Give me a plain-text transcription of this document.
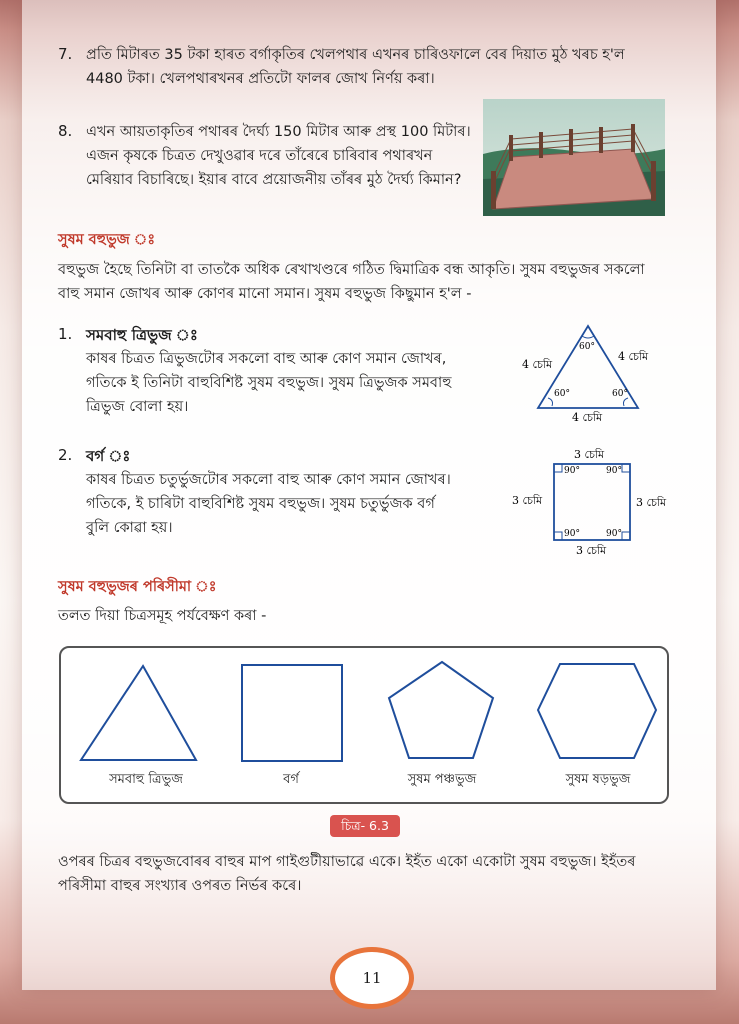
7. প্ৰতি মিটাৰত 35 টকা হাৰত বৰ্গাকৃতিৰ খেলপথাৰ এখনৰ চাৰিওফালে বেৰ দিয়াত মুঠ খৰচ হ'ল
4480 টকা। খেলপথাৰখনৰ প্ৰতিটো ফালৰ জোখ নিৰ্ণয় কৰা।
8. এখন আয়তাকৃতিৰ পথাৰৰ দৈৰ্ঘ্য 150 মিটাৰ আৰু প্ৰস্থ 100 মিটাৰ।
এজন কৃষকে চিত্ৰত দেখুওৱাৰ দৰে তাঁৰেৰে চাৰিবাৰ পথাৰখন
মেৰিয়াব বিচাৰিছে। ইয়াৰ বাবে প্ৰয়োজনীয় তাঁৰৰ মুঠ দৈৰ্ঘ্য কিমান?
সুষম বহুভুজ ঃ
বহুভুজ হৈছে তিনিটা বা তাতকৈ অধিক ৰেখাখণ্ডৰে গঠিত দ্বিমাত্ৰিক বন্ধ আকৃতি। সুষম বহুভুজৰ সকলো
বাহু সমান জোখৰ আৰু কোণৰ মানো সমান। সুষম বহুভুজ কিছুমান হ'ল -
1. সমবাহু ত্ৰিভুজ ঃ
কাষৰ চিত্ৰত ত্ৰিভুজটোৰ সকলো বাহু আৰু কোণ সমান জোখৰ,
গতিকে ই তিনিটা বাহুবিশিষ্ট সুষম বহুভুজ। সুষম ত্ৰিভুজক সমবাহু
ত্ৰিভুজ বোলা হয়।
60°
60°	60°
4 চেমি
4 চেমি
4 চেমি
2. বৰ্গ ঃ
কাষৰ চিত্ৰত চতুৰ্ভুজটোৰ সকলো বাহু আৰু কোণ সমান জোখৰ।
গতিকে, ই চাৰিটা বাহুবিশিষ্ট সুষম বহুভুজ। সুষম চতুৰ্ভুজক বৰ্গ
বুলি কোৱা হয়।
90°	90°
90°	90°
3 চেমি
3 চেমি	3 চেমি
3 চেমি
সুষম বহুভুজৰ পৰিসীমা ঃ
তলত দিয়া চিত্ৰসমূহ পৰ্যবেক্ষণ কৰা -
সমবাহু ত্ৰিভুজ	বৰ্গ	সুষম পঞ্চভুজ	সুষম ষড়ভুজ
চিত্ৰ- 6.3
ওপৰৰ চিত্ৰৰ বহুভুজবোৰৰ বাহুৰ মাপ গাইগুটীয়াভাৱে একে। ইহঁত একো একোটা সুষম বহুভুজ। ইহঁতৰ
পৰিসীমা বাহুৰ সংখ্যাৰ ওপৰত নিৰ্ভৰ কৰে।
11
